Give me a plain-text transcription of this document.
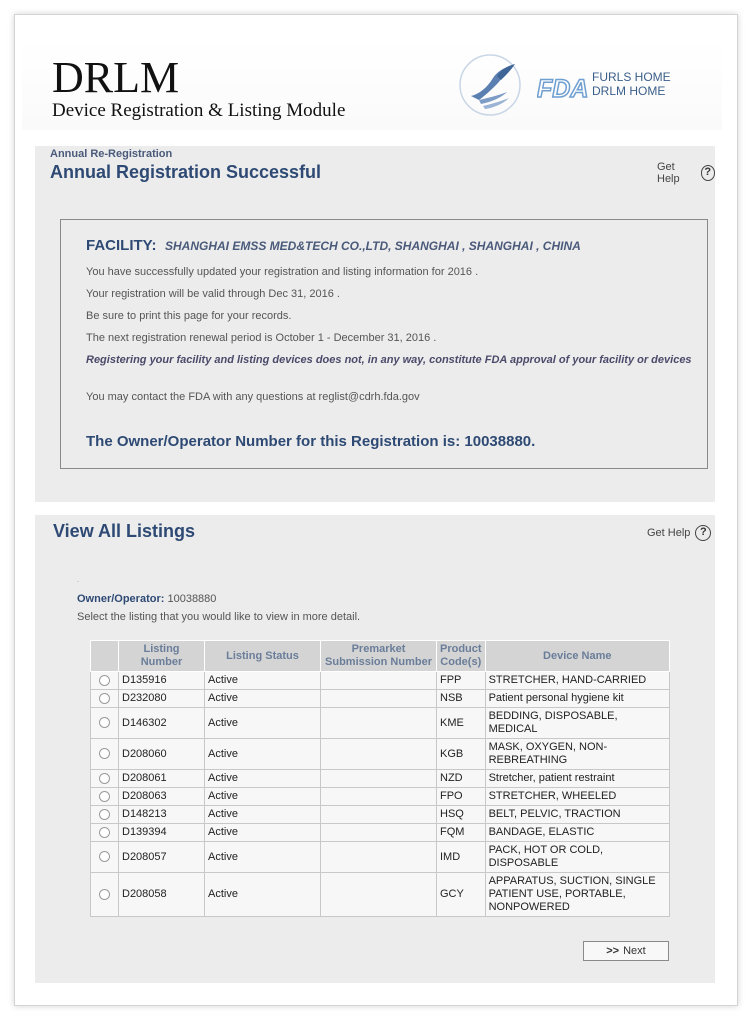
DRLM
Device Registration & Listing Module
FDA FURLS HOME
DRLM HOME
Annual Re-Registration
Annual Registration Successful	Get Help
?
FACILITY: SHANGHAI EMSS MED&TECH CO.,LTD, SHANGHAI , SHANGHAI , CHINA
You have successfully updated your registration and listing information for 2016 .
Your registration will be valid through Dec 31, 2016 .
Be sure to print this page for your records.
The next registration renewal period is October 1 - December 31, 2016 .
Registering your facility and listing devices does not, in any way, constitute FDA approval of your facility or devices
You may contact the FDA with any questions at reglist@cdrh.fda.gov
The Owner/Operator Number for this Registration is: 10038880.
View All Listings	Get Help ?
.
Owner/Operator: 10038880
Select the listing that you would like to view in more detail.
	Listing Number	Listing Status	Premarket Submission Number	Product Code(s)	Device Name
	D135916	Active		FPP	STRETCHER, HAND-CARRIED
	D232080	Active		NSB	Patient personal hygiene kit
	D146302	Active		KME	BEDDING, DISPOSABLE, MEDICAL
	D208060	Active		KGB	MASK, OXYGEN, NON-REBREATHING
	D208061	Active		NZD	Stretcher, patient restraint
	D208063	Active		FPO	STRETCHER, WHEELED
	D148213	Active		HSQ	BELT, PELVIC, TRACTION
	D139394	Active		FQM	BANDAGE, ELASTIC
	D208057	Active		IMD	PACK, HOT OR COLD, DISPOSABLE
	D208058	Active		GCY	APPARATUS, SUCTION, SINGLE PATIENT USE, PORTABLE, NONPOWERED
>> Next
